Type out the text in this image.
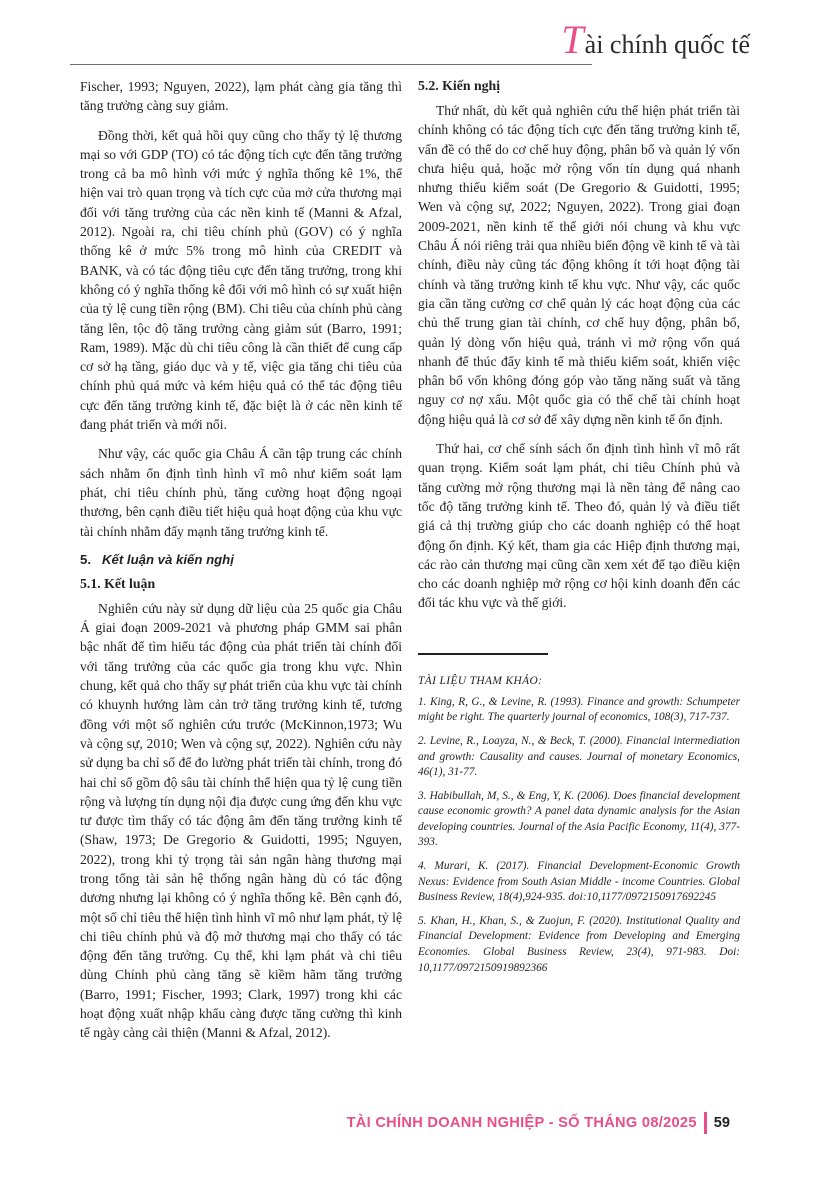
Tài chính quốc tế

Fischer, 1993; Nguyen, 2022), lạm phát càng gia tăng thì tăng trưởng càng suy giảm.

Đồng thời, kết quả hồi quy cũng cho thấy tỷ lệ thương mại so với GDP (TO) có tác động tích cực đến tăng trưởng trong cả ba mô hình với mức ý nghĩa thống kê 1%, thể hiện vai trò quan trọng và tích cực của mở cửa thương mại đối với tăng trưởng của các nền kinh tế (Manni & Afzal, 2012). Ngoài ra, chi tiêu chính phủ (GOV) có ý nghĩa thống kê ở mức 5% trong mô hình của CREDIT và BANK, và có tác động tiêu cực đến tăng trưởng, trong khi không có ý nghĩa thống kê đối với mô hình có sự xuất hiện của tỷ lệ cung tiền rộng (BM). Chi tiêu của chính phủ càng tăng lên, tộc độ tăng trưởng càng giảm sút (Barro, 1991; Ram, 1989). Mặc dù chi tiêu công là cần thiết để cung cấp cơ sở hạ tầng, giáo dục và y tế, việc gia tăng chi tiêu của chính phủ quá mức và kém hiệu quả có thể tác động tiêu cực đến tăng trưởng kinh tế, đặc biệt là ở các nền kinh tế đang phát triển và mới nổi.

Như vậy, các quốc gia Châu Á cần tập trung các chính sách nhằm ổn định tình hình vĩ mô như kiểm soát lạm phát, chi tiêu chính phủ, tăng cường hoạt động ngoại thương, bên cạnh điều tiết hiệu quả hoạt động của khu vực tài chính nhằm đẩy mạnh tăng trưởng kinh tế.

5. Kết luận và kiến nghị
5.1. Kết luận

Nghiên cứu này sử dụng dữ liệu của 25 quốc gia Châu Á giai đoạn 2009-2021 và phương pháp GMM sai phân bậc nhất để tìm hiểu tác động của phát triển tài chính đối với tăng trưởng của các quốc gia trong khu vực. Nhìn chung, kết quả cho thấy sự phát triển của khu vực tài chính có khuynh hướng làm cản trở tăng trưởng kinh tế, tương đồng với một số nghiên cứu trước (McKinnon,1973; Wu và cộng sự, 2010; Wen và cộng sự, 2022). Nghiên cứu này sử dụng ba chỉ số để đo lường phát triển tài chính, trong đó hai chỉ số gồm độ sâu tài chính thể hiện qua tỷ lệ cung tiền rộng và lượng tín dụng nội địa được cung ứng đến khu vực tư được tìm thấy có tác động âm đến tăng trưởng kinh tế (Shaw, 1973; De Gregorio & Guidotti, 1995; Nguyen, 2022), trong khi tỷ trọng tài sản ngân hàng thương mại trong tổng tài sản hệ thống ngân hàng dù có tác động dương nhưng lại không có ý nghĩa thống kê. Bên cạnh đó, một số chỉ tiêu thể hiện tình hình vĩ mô như lạm phát, tỷ lệ chi tiêu chính phủ và độ mở thương mại cho thấy có tác động đến tăng trưởng. Cụ thể, khi lạm phát và chi tiêu dùng Chính phủ càng tăng sẽ kiềm hãm tăng trưởng (Barro, 1991; Fischer, 1993; Clark, 1997) trong khi các hoạt động xuất nhập khẩu càng được tăng cường thì kinh tế ngày càng cải thiện (Manni & Afzal, 2012).

5.2. Kiến nghị

Thứ nhất, dù kết quả nghiên cứu thể hiện phát triển tài chính không có tác động tích cực đến tăng trưởng kinh tế, vấn đề có thể do cơ chế huy động, phân bổ và quản lý vốn chưa hiệu quả, hoặc mở rộng vốn tín dụng quá nhanh nhưng thiếu kiểm soát (De Gregorio & Guidotti, 1995; Wen và cộng sự, 2022; Nguyen, 2022). Trong giai đoạn 2009-2021, nền kinh tế thế giới nói chung và khu vực Châu Á nói riêng trải qua nhiều biến động về kinh tế và tài chính, điều này cũng tác động không ít tới hoạt động tài chính và tăng trưởng kinh tế khu vực. Như vậy, các quốc gia cần tăng cường cơ chế quản lý các hoạt động của các chủ thể trung gian tài chính, cơ chế huy động, phân bổ, quản lý dòng vốn hiệu quả, tránh vì mở rộng vốn quá nhanh để thúc đẩy kinh tế mà thiếu kiểm soát, khiến việc phân bổ vốn không đóng góp vào tăng năng suất và tăng nguy cơ nợ xấu. Một quốc gia có thể chế tài chính hoạt động hiệu quả là cơ sở để xây dựng nền kinh tế ổn định.

Thứ hai, cơ chế sính sách ổn định tình hình vĩ mô rất quan trọng. Kiểm soát lạm phát, chi tiêu Chính phủ và tăng cường mở rộng thương mại là nền tảng để nâng cao tốc độ tăng trưởng kinh tế. Theo đó, quản lý và điều tiết giá cả thị trường giúp cho các doanh nghiệp có thể hoạt động ổn định. Ký kết, tham gia các Hiệp định thương mại, các rào cản thương mại cũng cần xem xét để tạo điều kiện cho các doanh nghiệp mở rộng cơ hội kinh doanh đến các đối tác khu vực và thế giới.

TÀI LIỆU THAM KHẢO:
1. King, R, G., & Levine, R. (1993). Finance and growth: Schumpeter might be right. The quarterly journal of economics, 108(3), 717-737.
2. Levine, R., Loayza, N., & Beck, T. (2000). Financial intermediation and growth: Causality and causes. Journal of monetary Economics, 46(1), 31-77.
3. Habibullah, M, S., & Eng, Y, K. (2006). Does financial development cause economic growth? A panel data dynamic analysis for the Asian developing countries. Journal of the Asia Pacific Economy, 11(4), 377-393.
4. Murari, K. (2017). Financial Development-Economic Growth Nexus: Evidence from South Asian Middle - income Countries. Global Business Review, 18(4),924-935. doi:10,1177/0972150917692245
5. Khan, H., Khan, S., & Zuojun, F. (2020). Institutional Quality and Financial Development: Evidence from Developing and Emerging Economies. Global Business Review, 23(4), 971-983. Doi: 10,1177/0972150919892366
TÀI CHÍNH DOANH NGHIỆP - SỐ THÁNG 08/2025 59
